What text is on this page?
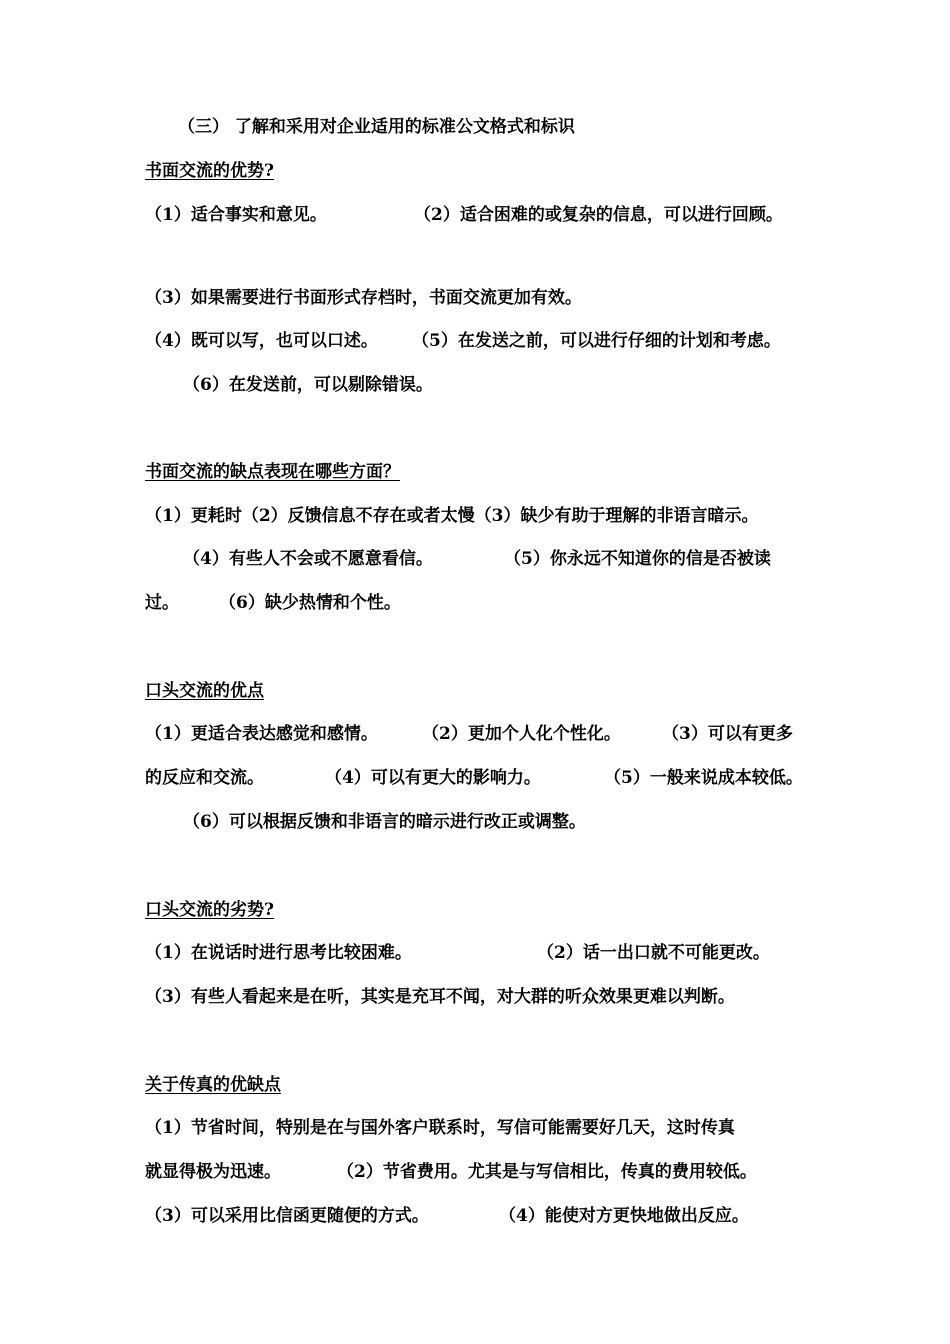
（三） 了解和采用对企业适用的标准公文格式和标识
书面交流的优势?
（1）适合事实和意见。	（2）适合困难的或复杂的信息，可以进行回顾。
（3）如果需要进行书面形式存档时，书面交流更加有效。
（4）既可以写，也可以口述。 （5）在发送之前，可以进行仔细的计划和考虑。
（6）在发送前，可以剔除错误。
书面交流的缺点表现在哪些方面？
（1）更耗时（2）反馈信息不存在或者太慢（3）缺少有助于理解的非语言暗示。
（4）有些人不会或不愿意看信。	（5）你永远不知道你的信是否被读
过。 （6）缺少热情和个性。
口头交流的优点
（1）更适合表达感觉和感情。	（2）更加个人化个性化。 （3）可以有更多
的反应和交流。	（4）可以有更大的影响力。	（5）一般来说成本较低。
（6）可以根据反馈和非语言的暗示进行改正或调整。
口头交流的劣势?
（1）在说话时进行思考比较困难。	（2）话一出口就不可能更改。
（3）有些人看起来是在听，其实是充耳不闻，对大群的听众效果更难以判断。
关于传真的优缺点
（1）节省时间，特别是在与国外客户联系时，写信可能需要好几天，这时传真
就显得极为迅速。	（2）节省费用。尤其是与写信相比，传真的费用较低。
（3）可以采用比信函更随便的方式。	（4）能使对方更快地做出反应。
